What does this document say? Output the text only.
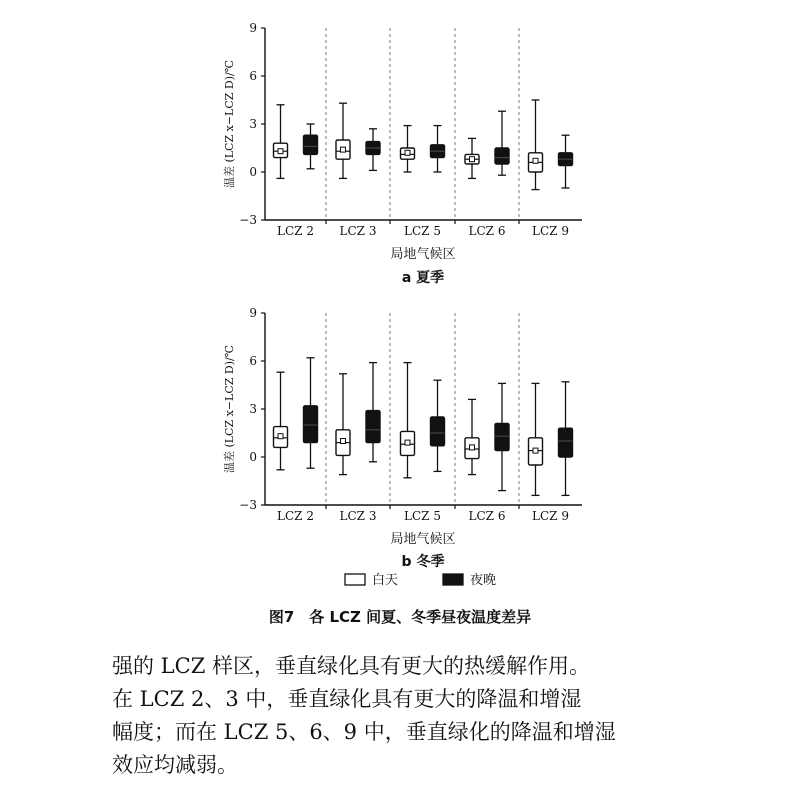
−3
0
3
6
9
LCZ 2 LCZ 3 LCZ 5 LCZ 6 LCZ 9
温差 (LCZ x−LCZ D)/℃
局地气候区
a 夏季
−3
0
3
6
9
LCZ 2 LCZ 3 LCZ 5 LCZ 6 LCZ 9
温差 (LCZ x−LCZ D)/℃
局地气候区
b 冬季
白天	夜晚
图7　各 LCZ 间夏、冬季昼夜温度差异

强的 LCZ 样区，垂直绿化具有更大的热缓解作用。

在 LCZ 2、3 中，垂直绿化具有更大的降温和增湿

幅度；而在 LCZ 5、6、9 中，垂直绿化的降温和增湿

效应均减弱。
